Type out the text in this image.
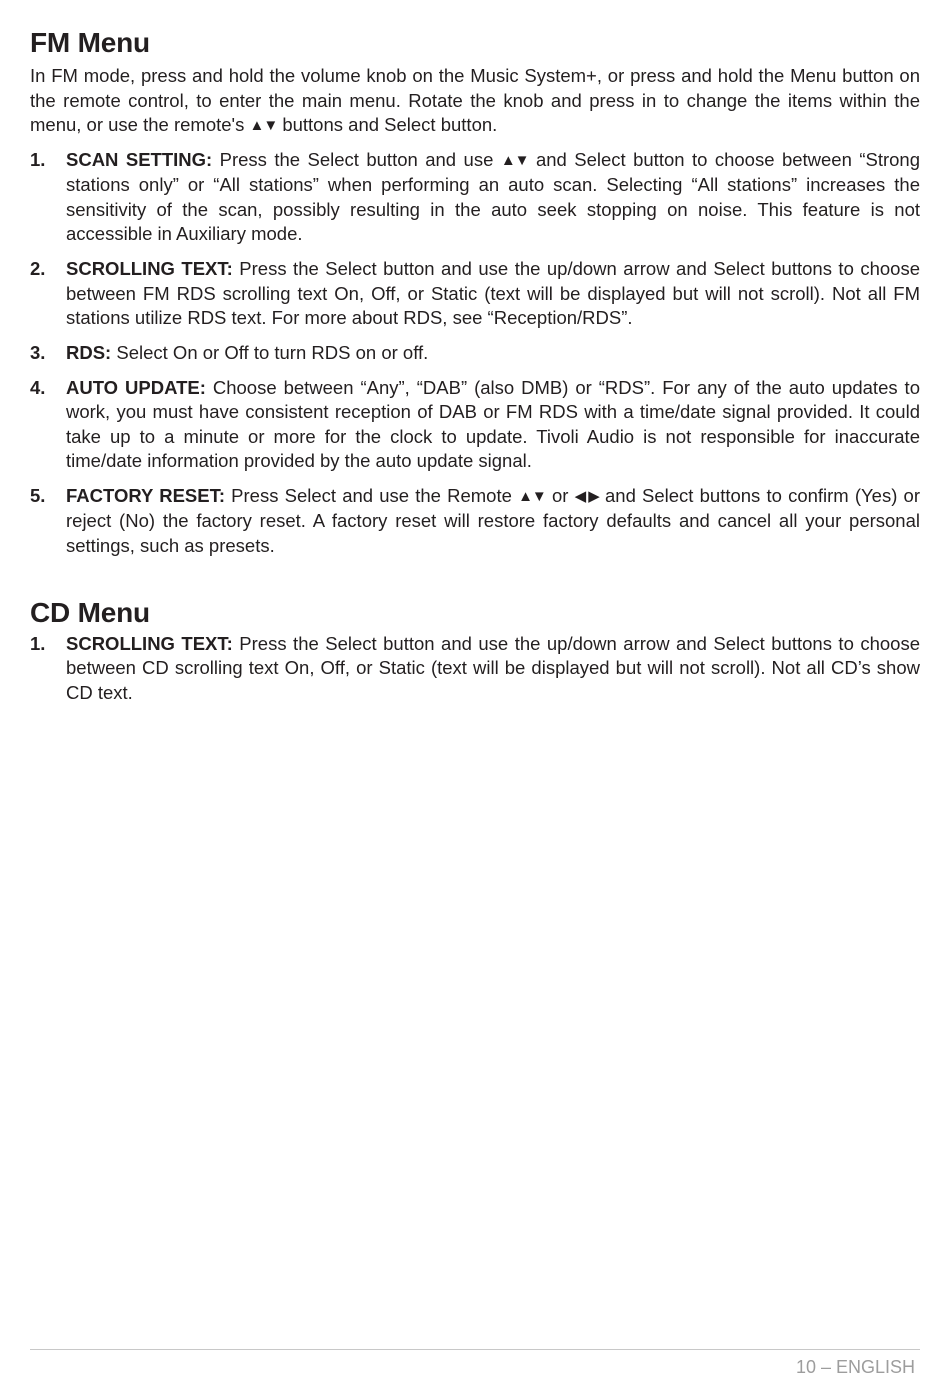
FM Menu

In FM mode, press and hold the volume knob on the Music System+, or press and hold the Menu button on the remote control, to enter the main menu. Rotate the knob and press in to change the items within the menu, or use the remote's ▲▼ buttons and Select button.

1. SCAN SETTING: Press the Select button and use ▲▼ and Select button to choose between “Strong stations only” or “All stations” when performing an auto scan. Selecting “All stations” increases the sensitivity of the scan, possibly resulting in the auto seek stopping on noise. This feature is not accessible in Auxiliary mode.
2. SCROLLING TEXT: Press the Select button and use the up/down arrow and Select buttons to choose between FM RDS scrolling text On, Off, or Static (text will be displayed but will not scroll). Not all FM stations utilize RDS text. For more about RDS, see “Reception/RDS”.
3. RDS: Select On or Off to turn RDS on or off.
4. AUTO UPDATE: Choose between “Any”, “DAB” (also DMB) or “RDS”. For any of the auto updates to work, you must have consistent reception of DAB or FM RDS with a time/date signal provided. It could take up to a minute or more for the clock to update. Tivoli Audio is not responsible for inaccurate time/date information provided by the auto update signal.
5. FACTORY RESET: Press Select and use the Remote ▲▼ or ◀ ▶ and Select buttons to confirm (Yes) or reject (No) the factory reset. A factory reset will restore factory defaults and cancel all your personal settings, such as presets.
CD Menu
1. SCROLLING TEXT: Press the Select button and use the up/down arrow and Select buttons to choose between CD scrolling text On, Off, or Static (text will be displayed but will not scroll). Not all CD’s show CD text.
10 – ENGLISH
